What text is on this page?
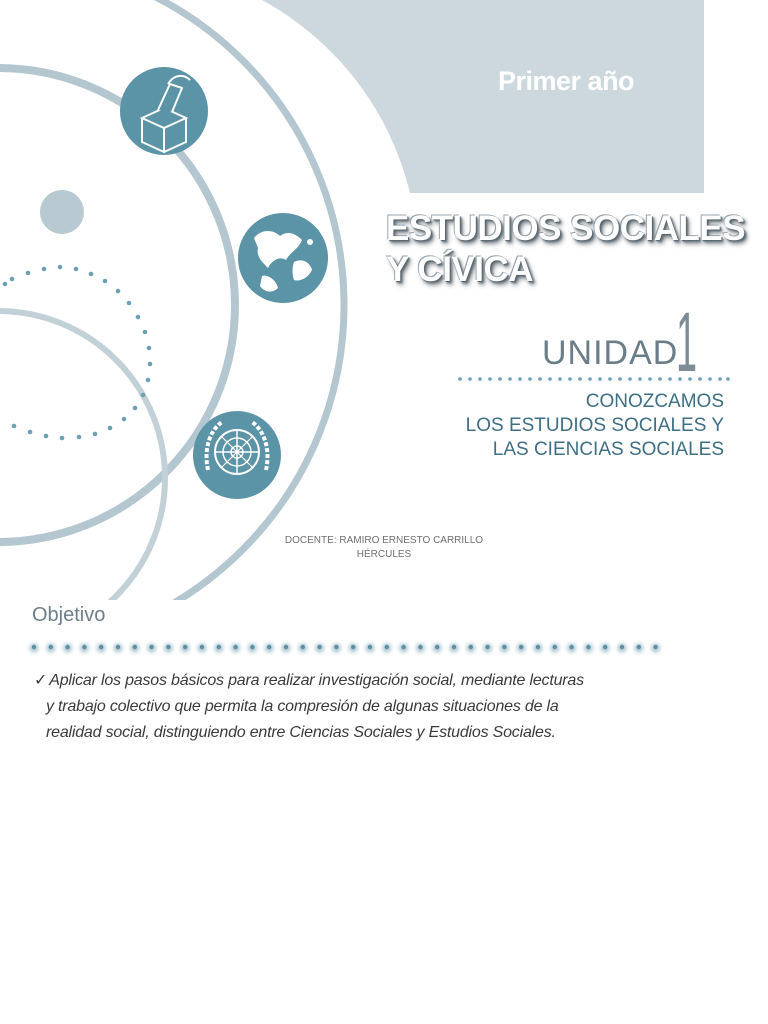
Primer año
ESTUDIOS SOCIALES
Y CÍVICA
UNIDAD
1
CONOZCAMOS
LOS ESTUDIOS SOCIALES Y
LAS CIENCIAS SOCIALES
DOCENTE: RAMIRO ERNESTO CARRILLO
HÉRCULES
Objetivo
✓ Aplicar los pasos básicos para realizar investigación social, mediante lecturas
y trabajo colectivo que permita la compresión de algunas situaciones de la
realidad social, distinguiendo entre Ciencias Sociales y Estudios Sociales.
